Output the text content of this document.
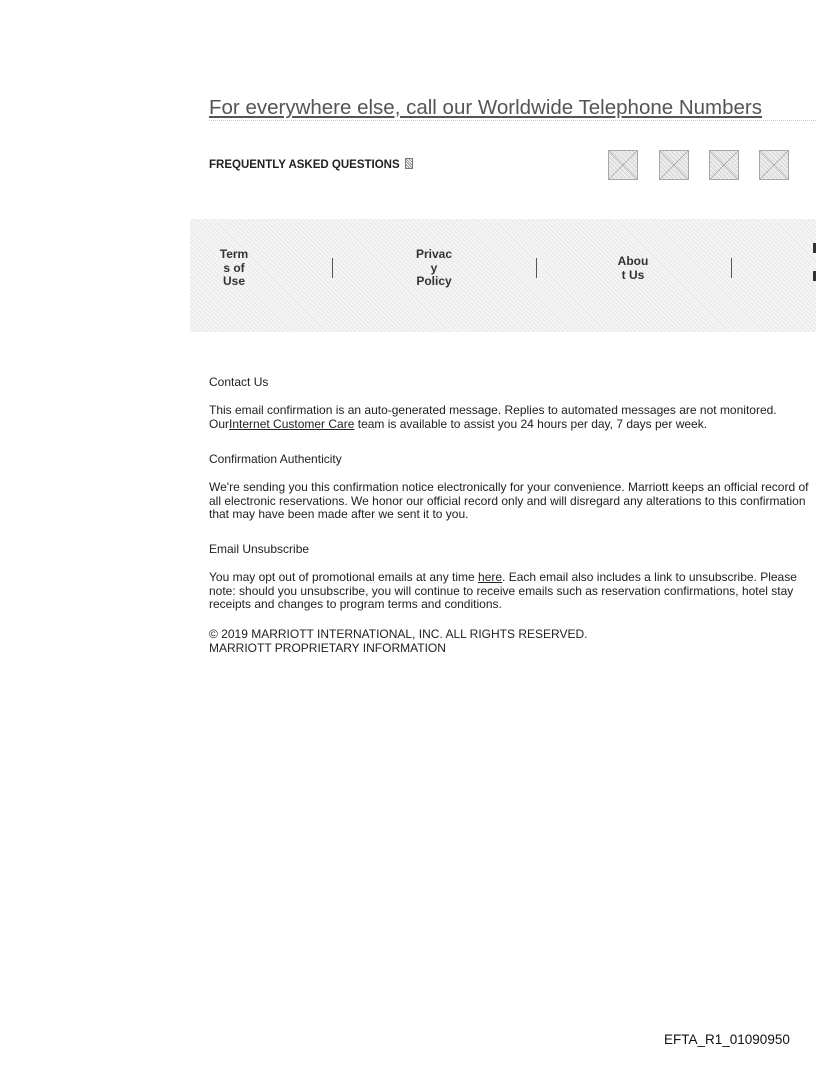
For everywhere else, call our Worldwide Telephone Numbers
FREQUENTLY ASKED QUESTIONS
Term
s of
Use
Privac
y
Policy
Abou
t Us
Contact Us
This email confirmation is an auto-generated message. Replies to automated messages are not monitored. OurInternet Customer Care team is available to assist you 24 hours per day, 7 days per week.
Confirmation Authenticity
We're sending you this confirmation notice electronically for your convenience. Marriott keeps an official record of all electronic reservations. We honor our official record only and will disregard any alterations to this confirmation that may have been made after we sent it to you.
Email Unsubscribe
You may opt out of promotional emails at any time here. Each email also includes a link to unsubscribe. Please note: should you unsubscribe, you will continue to receive emails such as reservation confirmations, hotel stay receipts and changes to program terms and conditions.
© 2019 MARRIOTT INTERNATIONAL, INC. ALL RIGHTS RESERVED.
MARRIOTT PROPRIETARY INFORMATION
EFTA_R1_01090950
